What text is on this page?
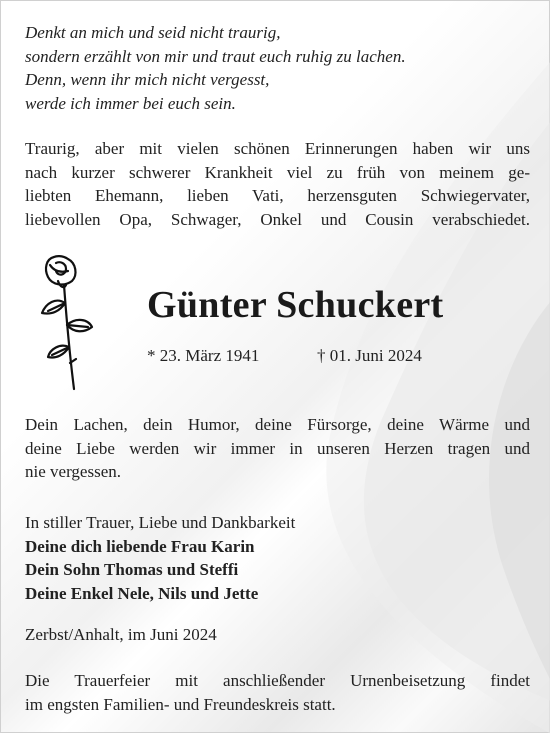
Denkt an mich und seid nicht traurig,
sondern erzählt von mir und traut euch ruhig zu lachen.
Denn, wenn ihr mich nicht vergesst,
werde ich immer bei euch sein.
Traurig, aber mit vielen schönen Erinnerungen haben wir uns
nach kurzer schwerer Krankheit viel zu früh von meinem ge-
liebten Ehemann, lieben Vati, herzensguten Schwiegervater,
liebevollen Opa, Schwager, Onkel und Cousin verabschiedet.
Günter Schuckert
* 23. März 1941	† 01. Juni 2024
Dein Lachen, dein Humor, deine Fürsorge, deine Wärme und
deine Liebe werden wir immer in unseren Herzen tragen und
nie vergessen.
In stiller Trauer, Liebe und Dankbarkeit
Deine dich liebende Frau Karin
Dein Sohn Thomas und Steffi
Deine Enkel Nele, Nils und Jette
Zerbst/Anhalt, im Juni 2024
Die Trauerfeier mit anschließender Urnenbeisetzung findet
im engsten Familien- und Freundeskreis statt.
